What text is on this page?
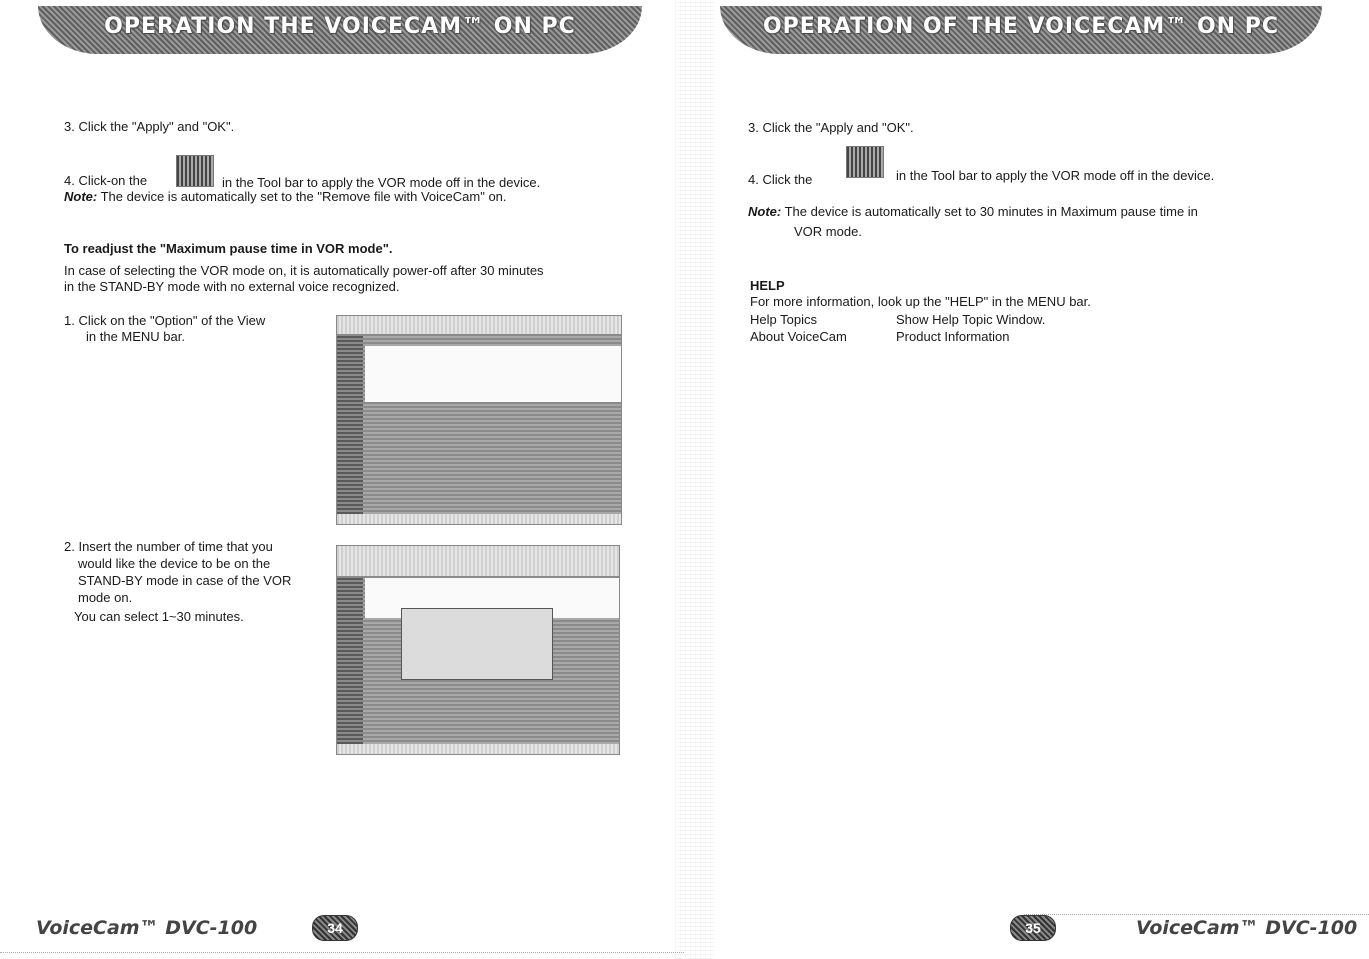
OPERATION THE VOICECAM™ ON PC
3. Click the "Apply" and "OK".
4. Click-on the	in the Tool bar to apply the VOR mode off in the device.
Note: The device is automatically set to the "Remove file with VoiceCam" on.
To readjust the "Maximum pause time in VOR mode".
In case of selecting the VOR mode on, it is automatically power-off after 30 minutes
in the STAND-BY mode with no external voice recognized.
1. Click on the "Option" of the View
in the MENU bar.
2. Insert the number of time that you
would like the device to be on the
STAND-BY mode in case of the VOR
mode on.
You can select 1~30 minutes.
VoiceCam™ DVC-100	34
OPERATION OF THE VOICECAM™ ON PC
3. Click the "Apply and "OK".
4. Click the	in the Tool bar to apply the VOR mode off in the device.
Note: The device is automatically set to 30 minutes in Maximum pause time in
VOR mode.
HELP
For more information, look up the "HELP" in the MENU bar.
Help Topics	Show Help Topic Window.
About VoiceCam	Product Information
35	VoiceCam™ DVC-100
